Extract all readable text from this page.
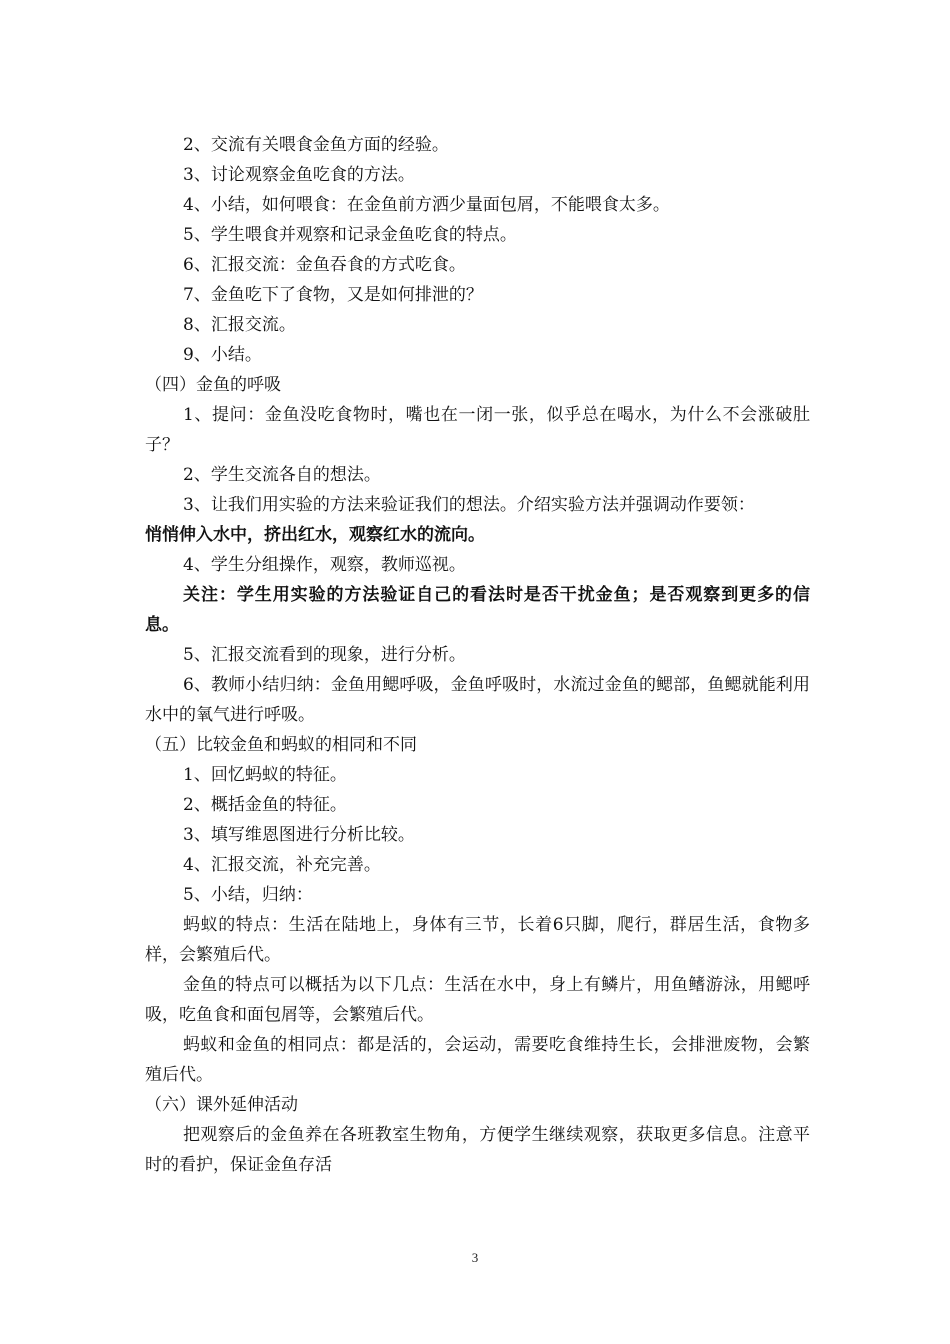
2、交流有关喂食金鱼方面的经验。

3、讨论观察金鱼吃食的方法。

4、小结，如何喂食：在金鱼前方洒少量面包屑，不能喂食太多。

5、学生喂食并观察和记录金鱼吃食的特点。

6、汇报交流：金鱼吞食的方式吃食。

7、金鱼吃下了食物，又是如何排泄的？

8、汇报交流。

9、小结。

（四）金鱼的呼吸

1、提问：金鱼没吃食物时，嘴也在一闭一张，似乎总在喝水，为什么不会涨破肚子？

2、学生交流各自的想法。

3、让我们用实验的方法来验证我们的想法。介绍实验方法并强调动作要领：

悄悄伸入水中，挤出红水，观察红水的流向。

4、学生分组操作，观察，教师巡视。

关注：学生用实验的方法验证自己的看法时是否干扰金鱼；是否观察到更多的信息。

5、汇报交流看到的现象，进行分析。

6、教师小结归纳：金鱼用鳃呼吸，金鱼呼吸时，水流过金鱼的鳃部，鱼鳃就能利用水中的氧气进行呼吸。

（五）比较金鱼和蚂蚁的相同和不同

1、回忆蚂蚁的特征。

2、概括金鱼的特征。

3、填写维恩图进行分析比较。

4、汇报交流，补充完善。

5、小结，归纳：

蚂蚁的特点：生活在陆地上，身体有三节，长着6只脚，爬行，群居生活，食物多样，会繁殖后代。

金鱼的特点可以概括为以下几点：生活在水中，身上有鳞片，用鱼鳍游泳，用鳃呼吸，吃鱼食和面包屑等，会繁殖后代。

蚂蚁和金鱼的相同点：都是活的，会运动，需要吃食维持生长，会排泄废物，会繁殖后代。

（六）课外延伸活动

把观察后的金鱼养在各班教室生物角，方便学生继续观察，获取更多信息。注意平时的看护，保证金鱼存活

3
